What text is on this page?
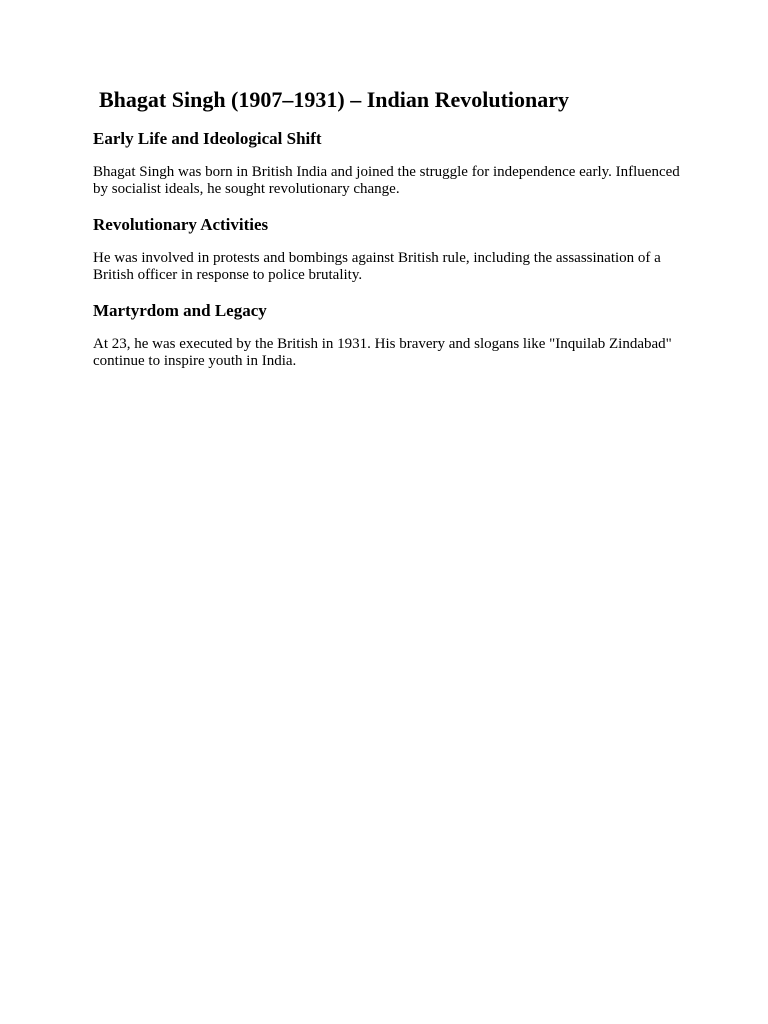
Bhagat Singh (1907–1931) – Indian Revolutionary
Early Life and Ideological Shift

Bhagat Singh was born in British India and joined the struggle for independence early. Influenced by socialist ideals, he sought revolutionary change.

Revolutionary Activities

He was involved in protests and bombings against British rule, including the assassination of a British officer in response to police brutality.

Martyrdom and Legacy

At 23, he was executed by the British in 1931. His bravery and slogans like "Inquilab Zindabad" continue to inspire youth in India.
